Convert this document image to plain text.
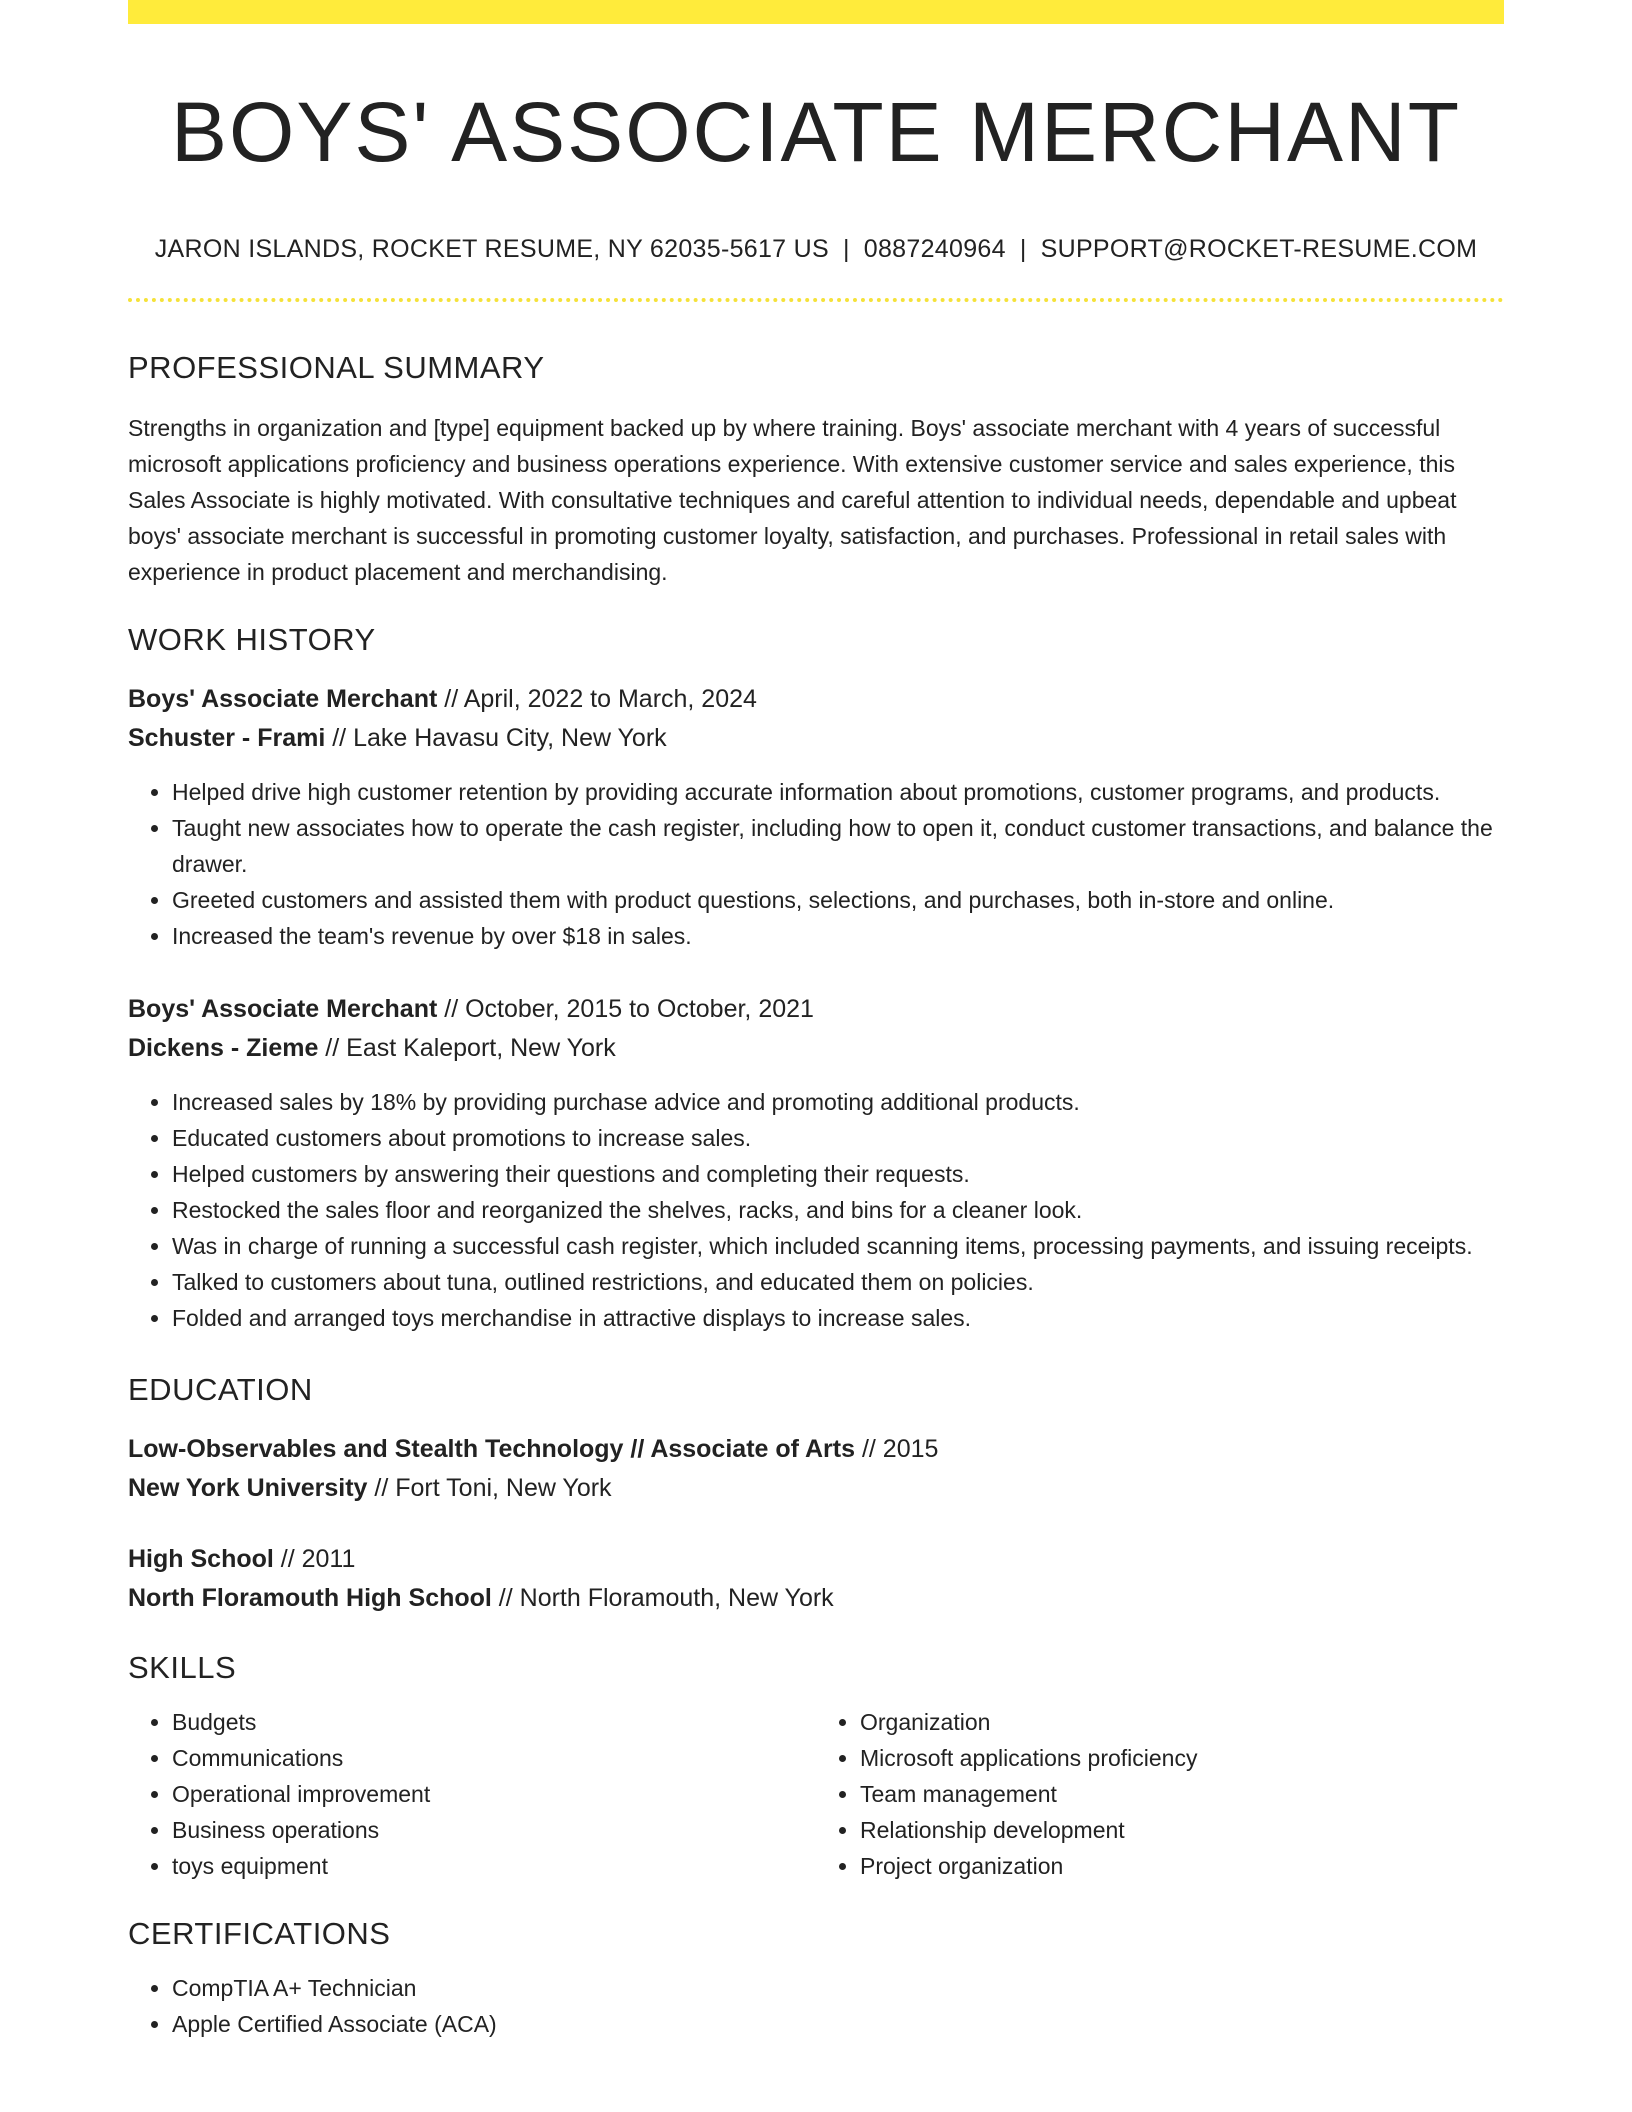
BOYS' ASSOCIATE MERCHANT
JARON ISLANDS, ROCKET RESUME, NY 62035-5617 US | 0887240964 | SUPPORT@ROCKET-RESUME.COM
PROFESSIONAL SUMMARY
Strengths in organization and [type] equipment backed up by where training. Boys' associate merchant with 4 years of successful microsoft applications proficiency and business operations experience. With extensive customer service and sales experience, this Sales Associate is highly motivated. With consultative techniques and careful attention to individual needs, dependable and upbeat boys' associate merchant is successful in promoting customer loyalty, satisfaction, and purchases. Professional in retail sales with experience in product placement and merchandising.
WORK HISTORY
Boys' Associate Merchant // April, 2022 to March, 2024
Schuster - Frami // Lake Havasu City, New York
• Helped drive high customer retention by providing accurate information about promotions, customer programs, and products.
• Taught new associates how to operate the cash register, including how to open it, conduct customer transactions, and balance the drawer.
• Greeted customers and assisted them with product questions, selections, and purchases, both in-store and online.
• Increased the team's revenue by over $18 in sales.
Boys' Associate Merchant // October, 2015 to October, 2021
Dickens - Zieme // East Kaleport, New York
• Increased sales by 18% by providing purchase advice and promoting additional products.
• Educated customers about promotions to increase sales.
• Helped customers by answering their questions and completing their requests.
• Restocked the sales floor and reorganized the shelves, racks, and bins for a cleaner look.
• Was in charge of running a successful cash register, which included scanning items, processing payments, and issuing receipts.
• Talked to customers about tuna, outlined restrictions, and educated them on policies.
• Folded and arranged toys merchandise in attractive displays to increase sales.
EDUCATION
Low-Observables and Stealth Technology // Associate of Arts // 2015
New York University // Fort Toni, New York
High School // 2011
North Floramouth High School // North Floramouth, New York
SKILLS
• Budgets
• Communications
• Operational improvement
• Business operations
• toys equipment
• Organization
• Microsoft applications proficiency
• Team management
• Relationship development
• Project organization
CERTIFICATIONS
• CompTIA A+ Technician
• Apple Certified Associate (ACA)
